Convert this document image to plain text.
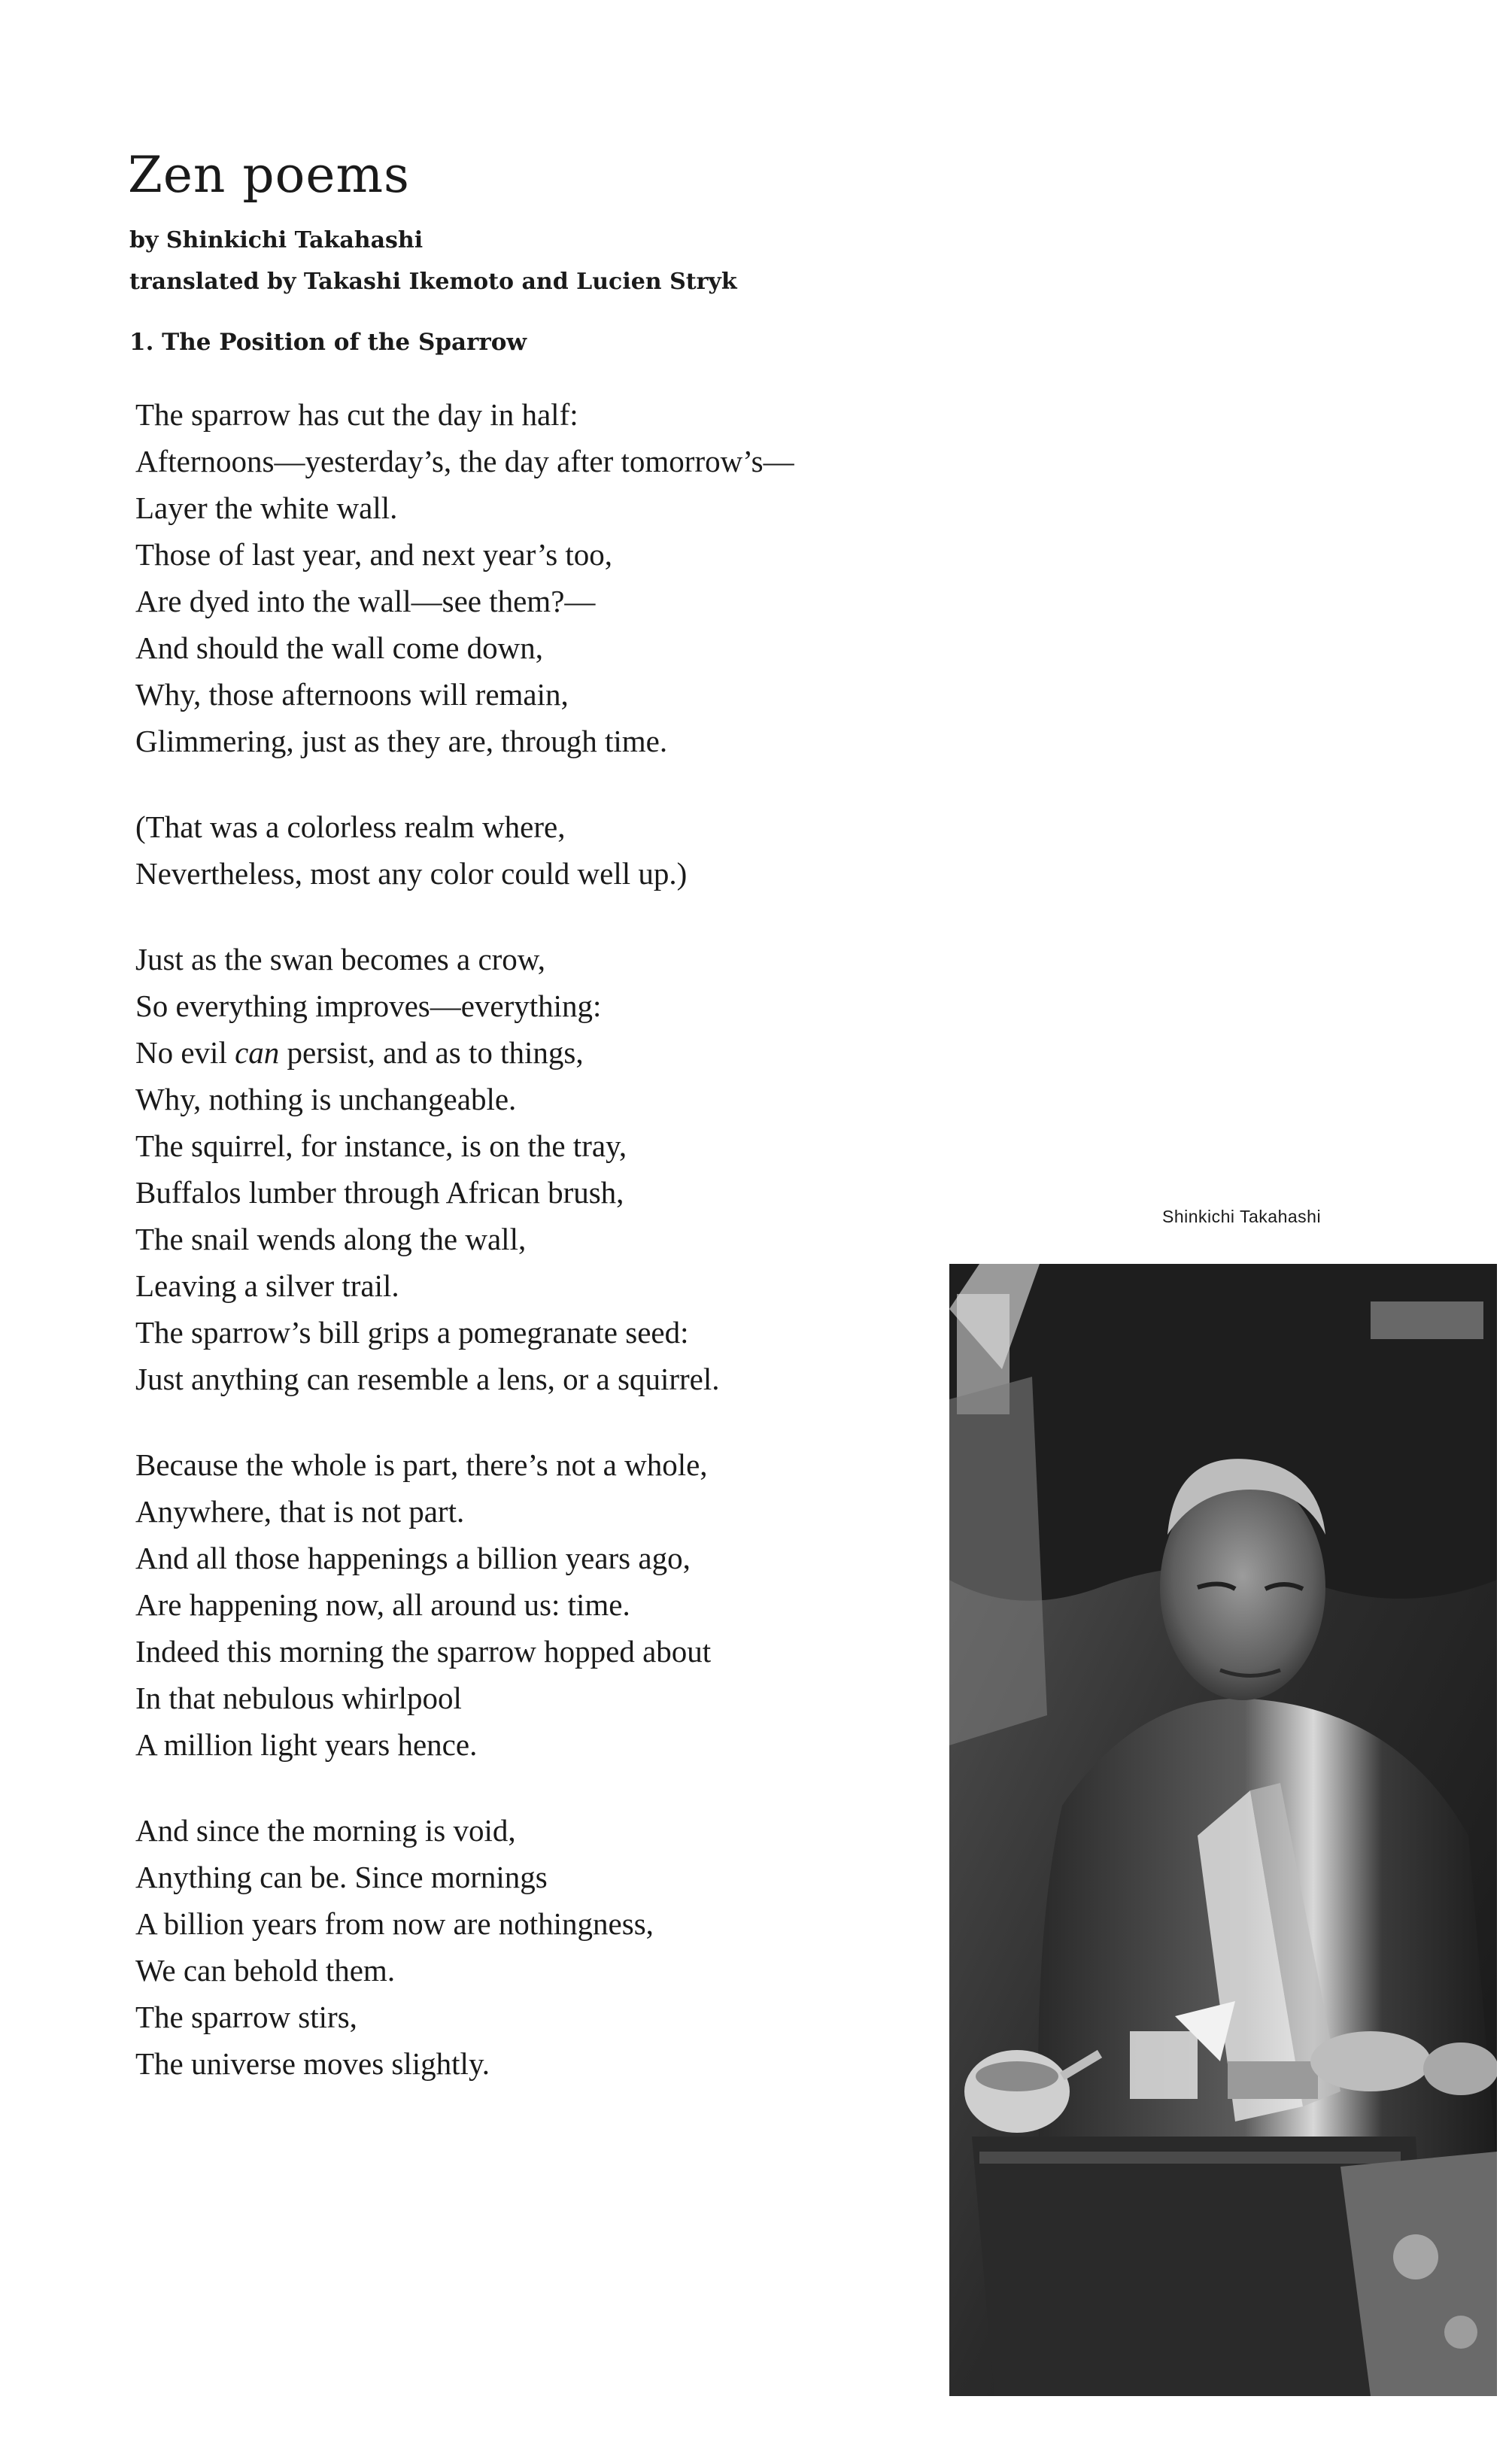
Zen poems
by Shinkichi Takahashi
translated by Takashi Ikemoto and Lucien Stryk
1. The Position of the Sparrow
The sparrow has cut the day in half:
Afternoons—yesterday’s, the day after tomorrow’s—
Layer the white wall.
Those of last year, and next year’s too,
Are dyed into the wall—see them?—
And should the wall come down,
Why, those afternoons will remain,
Glimmering, just as they are, through time.
(That was a colorless realm where,
Nevertheless, most any color could well up.)
Just as the swan becomes a crow,
So everything improves—everything:
No evil can persist, and as to things,
Why, nothing is unchangeable.
The squirrel, for instance, is on the tray,
Buffalos lumber through African brush,
The snail wends along the wall,
Leaving a silver trail.
The sparrow’s bill grips a pomegranate seed:
Just anything can resemble a lens, or a squirrel.
Because the whole is part, there’s not a whole,
Anywhere, that is not part.
And all those happenings a billion years ago,
Are happening now, all around us: time.
Indeed this morning the sparrow hopped about
In that nebulous whirlpool
A million light years hence.
And since the morning is void,
Anything can be. Since mornings
A billion years from now are nothingness,
We can behold them.
The sparrow stirs,
The universe moves slightly.
Shinkichi Takahashi
